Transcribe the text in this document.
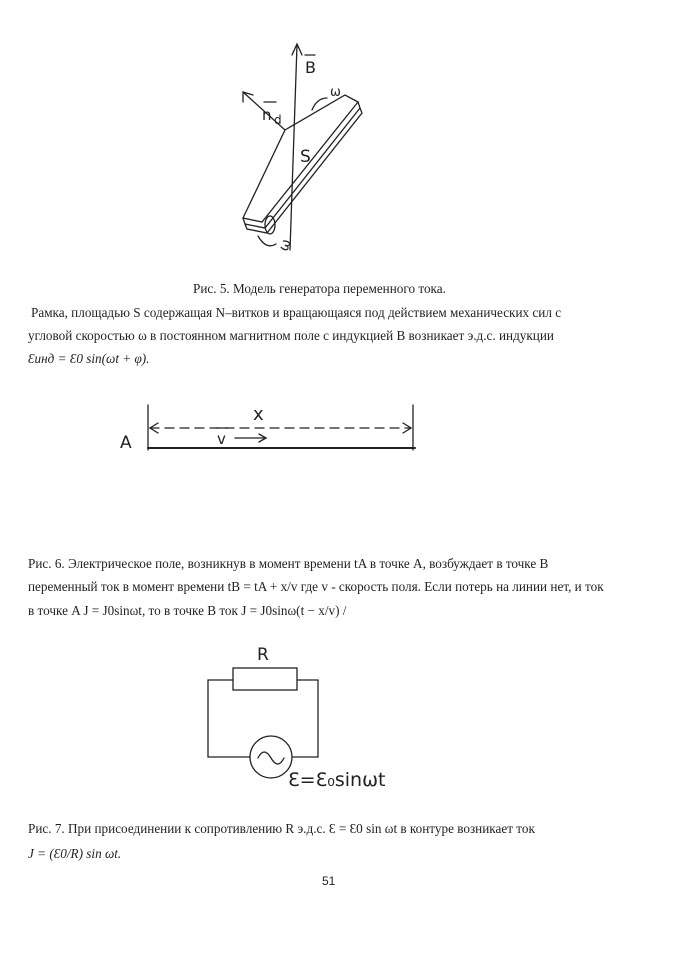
B
n d
ω
S
ω
x
v
A
R
Ɛ=Ɛ₀sinωt
Рис. 5. Модель генератора переменного тока.
Рамка, площадью S содержащая N–витков и вращающаяся под действием механических сил с
угловой скоростью ω в постоянном магнитном поле с индукцией B возникает э.д.с. индукции
Ɛинд = Ɛ0 sin(ωt + φ).
Рис. 6. Электрическое поле, возникнув в момент времени tA в точке A, возбуждает в точке B
переменный ток в момент времени tB = tA + x/v где v - скорость поля. Если потерь на линии нет, и ток
в точке A J = J0sinωt, то в точке B ток J = J0sinω(t − x/v) /
Рис. 7. При присоединении к сопротивлению R э.д.с. Ɛ = Ɛ0 sin ωt в контуре возникает ток
J = (Ɛ0/R) sin ωt.
51
